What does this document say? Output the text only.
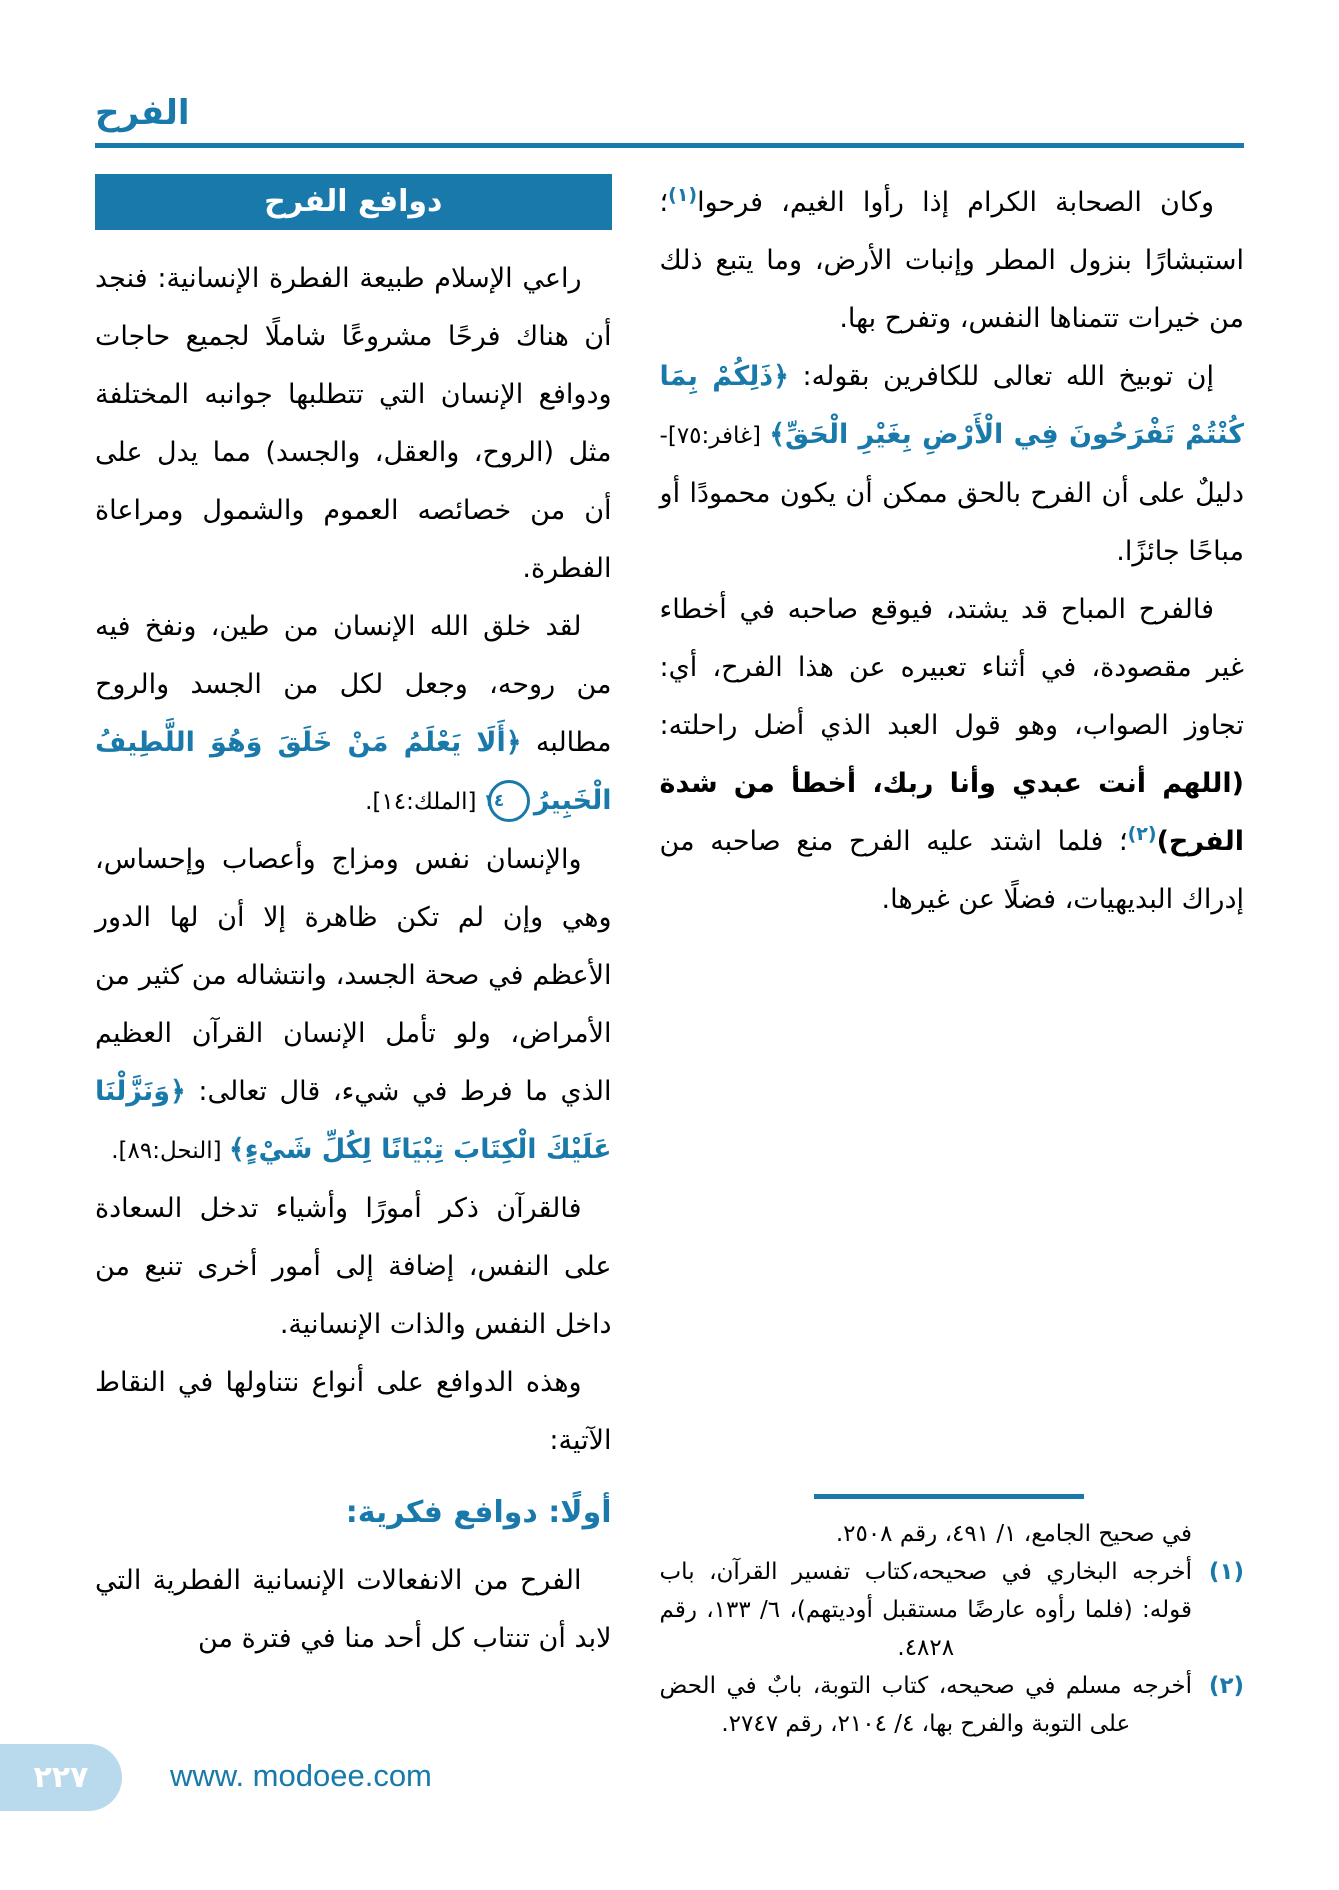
الفرح

وكان الصحابة الكرام إذا رأوا الغيم، فرحوا$^{(١)}$؛ استبشارًا بنزول المطر وإنبات الأرض، وما يتبع ذلك من خيرات تتمناها النفس، وتفرح بها.

إن توبيخ الله تعالى للكافرين بقوله: ﴿ذَلِكُمْ بِمَا كُنْتُمْ تَفْرَحُونَ فِي الْأَرْضِ بِغَيْرِ الْحَقِّ﴾ [غافر:٧٥]- دليلٌ على أن الفرح بالحق ممكن أن يكون محمودًا أو مباحًا جائزًا.

فالفرح المباح قد يشتد، فيوقع صاحبه في أخطاء غير مقصودة، في أثناء تعبيره عن هذا الفرح، أي: تجاوز الصواب، وهو قول العبد الذي أضل راحلته: (اللهم أنت عبدي وأنا ربك، أخطأ من شدة الفرح)$^{(٢)}$؛ فلما اشتد عليه الفرح منع صاحبه من إدراك البديهيات، فضلًا عن غيرها.

في صحيح الجامع، ١/ ٤٩١، رقم ٢٥٠٨.

(١)

أخرجه البخاري في صحيحه،كتاب تفسير القرآن، باب قوله: (فلما رأوه عارضًا مستقبل أوديتهم)، ٦/ ١٣٣، رقم ٤٨٢٨.

(٢)

أخرجه مسلم في صحيحه، كتاب التوبة، بابٌ في الحض على التوبة والفرح بها، ٤/ ٢١٠٤، رقم ٢٧٤٧.

دوافع الفرح

راعي الإسلام طبيعة الفطرة الإنسانية: فنجد أن هناك فرحًا مشروعًا شاملًا لجميع حاجات ودوافع الإنسان التي تتطلبها جوانبه المختلفة مثل (الروح، والعقل، والجسد) مما يدل على أن من خصائصه العموم والشمول ومراعاة الفطرة.

لقد خلق الله الإنسان من طين، ونفخ فيه من روحه، وجعل لكل من الجسد والروح مطالبه ﴿أَلَا يَعْلَمُ مَنْ خَلَقَ وَهُوَ اللَّطِيفُ الْخَبِيرُ١٤ [الملك:١٤].

والإنسان نفس ومزاج وأعصاب وإحساس، وهي وإن لم تكن ظاهرة إلا أن لها الدور الأعظم في صحة الجسد، وانتشاله من كثير من الأمراض، ولو تأمل الإنسان القرآن العظيم الذي ما فرط في شيء، قال تعالى: ﴿وَنَزَّلْنَا عَلَيْكَ الْكِتَابَ تِبْيَانًا لِكُلِّ شَيْءٍ﴾ [النحل:٨٩].

فالقرآن ذكر أمورًا وأشياء تدخل السعادة على النفس، إضافة إلى أمور أخرى تنبع من داخل النفس والذات الإنسانية.

وهذه الدوافع على أنواع نتناولها في النقاط الآتية:

أولًا: دوافع فكرية:

الفرح من الانفعالات الإنسانية الفطرية التي لابد أن تنتاب كل أحد منا في فترة من

٢٢٧	www. modoee.com
